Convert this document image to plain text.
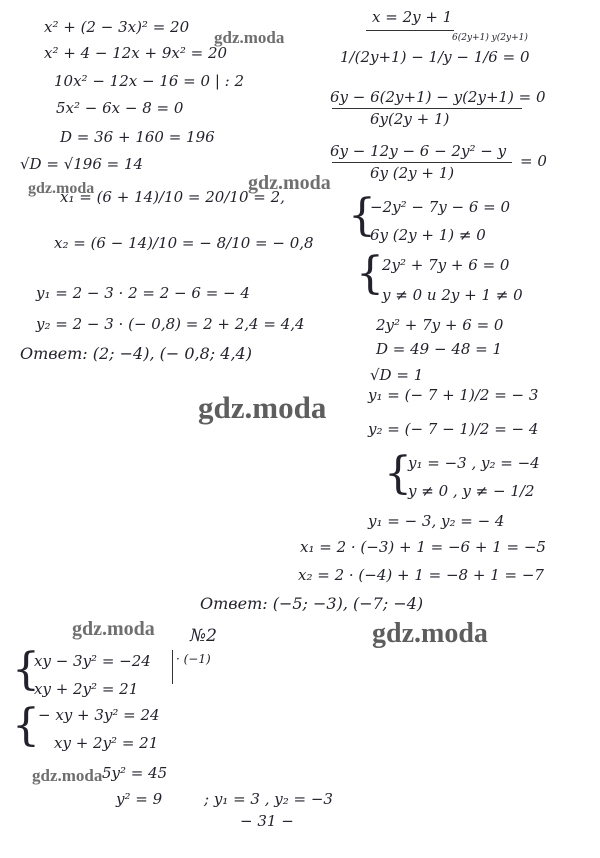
gdz.moda
gdz.moda	gdz.moda
gdz.moda
gdz.moda
gdz.moda
gdz.moda
x² + (2 − 3x)² = 20
x² + 4 − 12x + 9x² = 20
10x² − 12x − 16 = 0 | : 2
5x² − 6x − 8 = 0
D = 36 + 160 = 196
√D = √196 = 14
x₁ = (6 + 14)/10 = 20/10 = 2,
x₂ = (6 − 14)/10 = − 8/10 = − 0,8
y₁ = 2 − 3 · 2 = 2 − 6 = − 4
y₂ = 2 − 3 · (− 0,8) = 2 + 2,4 = 4,4
Ответ: (2; −4), (− 0,8; 4,4)
x = 2y + 1
6(2y+1) y(2y+1)
1/(2y+1) − 1/y − 1/6 = 0
6y − 6(2y+1) − y(2y+1) = 0
6y(2y + 1)
6y − 12y − 6 − 2y² − y
6y (2y + 1)
= 0
{
−2y² − 7y − 6 = 0
6y (2y + 1) ≠ 0
{
2y² + 7y + 6 = 0
y ≠ 0 и 2y + 1 ≠ 0
2y² + 7y + 6 = 0
D = 49 − 48 = 1
√D = 1
y₁ = (− 7 + 1)/2 = − 3
y₂ = (− 7 − 1)/2 = − 4
{
y₁ = −3 , y₂ = −4
y ≠ 0 , y ≠ − 1/2
y₁ = − 3, y₂ = − 4
x₁ = 2 · (−3) + 1 = −6 + 1 = −5
x₂ = 2 · (−4) + 1 = −8 + 1 = −7
Ответ: (−5; −3), (−7; −4)
№2
{
xy − 3y² = −24
xy + 2y² = 21
· (−1)
{
− xy + 3y² = 24
xy + 2y² = 21
5y² = 45
y² = 9	; y₁ = 3 , y₂ = −3
− 31 −
